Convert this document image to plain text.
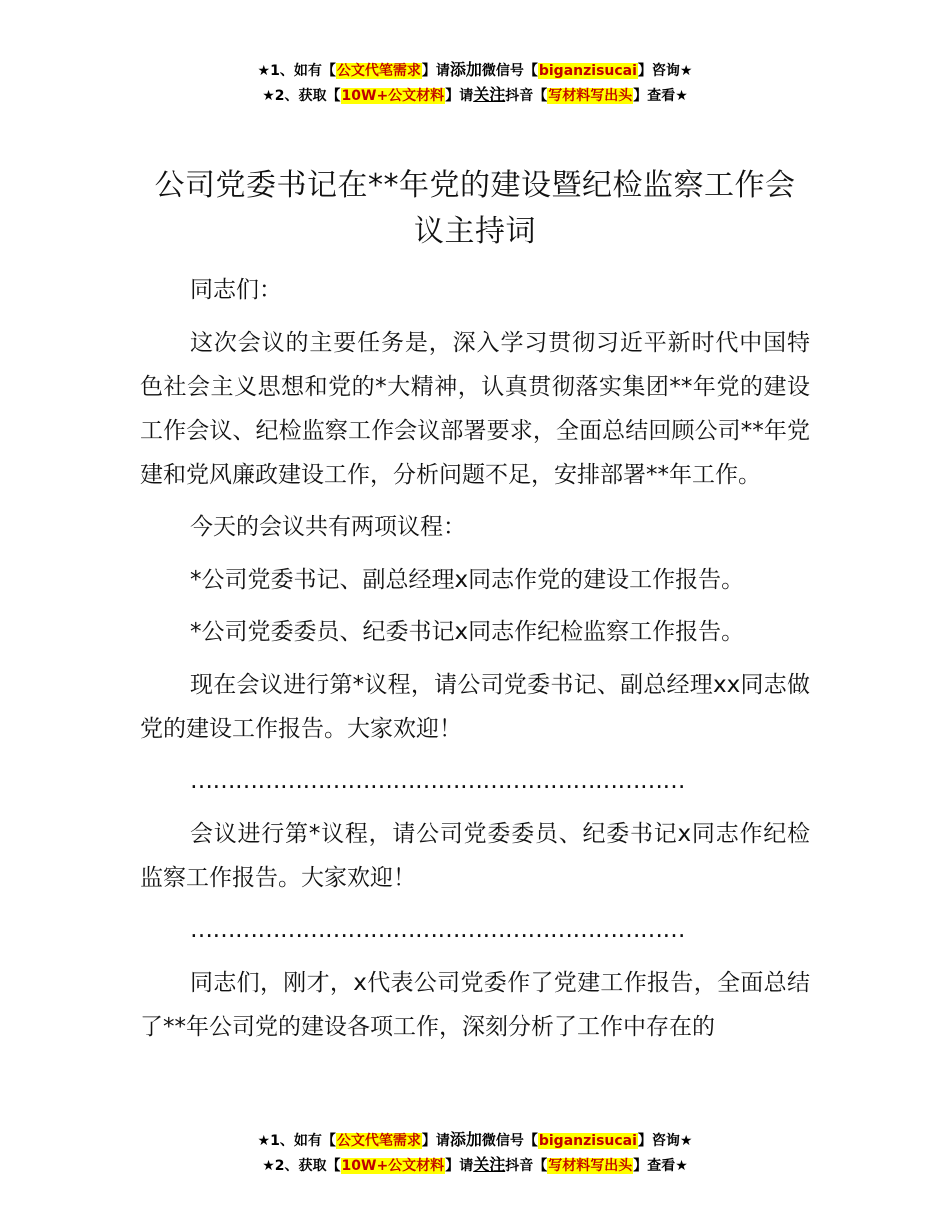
★1、如有【公文代笔需求】请添加微信号【biganzisucai】咨询★
★2、获取【10W+公文材料】请关注抖音【写材料写出头】查看★
公司党委书记在**年党的建设暨纪检监察工作会议主持词

同志们：

这次会议的主要任务是，深入学习贯彻习近平新时代中国特色社会主义思想和党的*大精神，认真贯彻落实集团**年党的建设工作会议、纪检监察工作会议部署要求，全面总结回顾公司**年党建和党风廉政建设工作，分析问题不足，安排部署**年工作。

今天的会议共有两项议程：

*公司党委书记、副总经理x同志作党的建设工作报告。

*公司党委委员、纪委书记x同志作纪检监察工作报告。

现在会议进行第*议程，请公司党委书记、副总经理xx同志做党的建设工作报告。大家欢迎！

…………………………………………………………

会议进行第*议程，请公司党委委员、纪委书记x同志作纪检监察工作报告。大家欢迎！

…………………………………………………………

同志们，刚才，x代表公司党委作了党建工作报告，全面总结了**年公司党的建设各项工作，深刻分析了工作中存在的

★1、如有【公文代笔需求】请添加微信号【biganzisucai】咨询★
★2、获取【10W+公文材料】请关注抖音【写材料写出头】查看★
